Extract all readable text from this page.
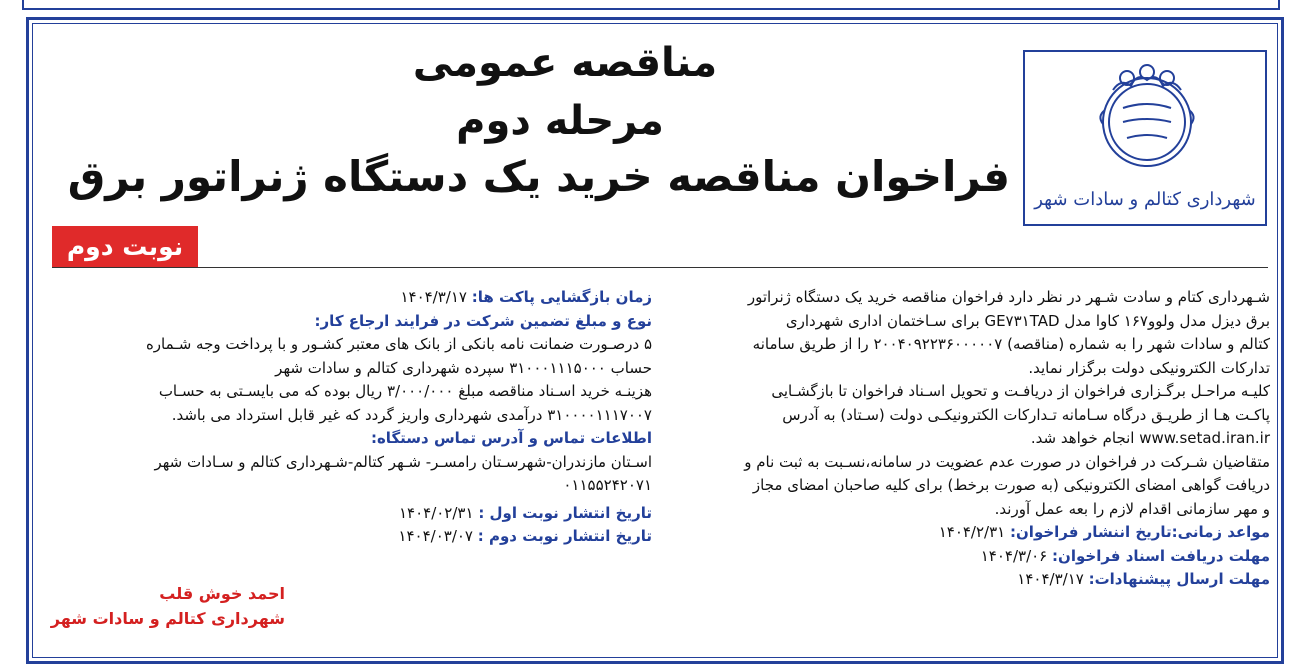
شهرداری کتالم و سادات شهر
مناقصه عمومی
مرحله دوم
فراخوان مناقصه خرید یک دستگاه ژنراتور برق
نوبت دوم

شـهرداری کتام و سادت شـهر در نظر دارد فراخوان مناقصه خرید یک دستگاه ژنراتور

برق دیزل مدل ولوو۱۶۷ کاوا مدل GE۷۳۱TAD برای سـاختمان اداری شهرداری

کتالم و سادات شهر را به شماره (مناقصه) ۲۰۰۴۰۹۲۲۳۶۰۰۰۰۰۷ را از طریق سامانه

تدارکات الکترونیکی دولت برگزار نماید.

کلیـه مراحـل برگـزاری فراخوان از دریافـت و تحویل اسـناد فراخوان تا بازگشـایی

پاکـت هـا از طریـق درگاه سـامانه تـدارکات الکترونیکـی دولت (سـتاد) به آدرس

www.setad.iran.ir انجام خواهد شد.

متقاضیان شـرکت در فراخوان در صورت عدم عضویت در سامانه،نسـبت به ثبت نام و

دریافت گواهی امضای الکترونیکی (به صورت برخط) برای کلیه صاحبان امضای مجاز

و مهر سازمانی اقدام لازم را بعه عمل آورند.

مواعد زمانی:تاریخ اننشار فراخوان: ۱۴۰۴/۲/۳۱

مهلت دریافت اسناد فراخوان: ۱۴۰۴/۳/۰۶

مهلت ارسال پیشنهادات: ۱۴۰۴/۳/۱۷

زمان بازگشایی پاکت ها: ۱۴۰۴/۳/۱۷

نوع و مبلغ تضمین شرکت در فرایند ارجاع کار:

۵ درصـورت ضمانت نامه بانکی از بانک های معتبر کشـور و با پرداخت وجه شـماره

حساب ۳۱۰۰۰۱۱۱۵۰۰۰ سپرده شهرداری کتالم و سادات شهر

هزینـه خرید اسـناد مناقصه مبلغ ۳/۰۰۰/۰۰۰ ریال بوده که می بایسـتی به حسـاب

۳۱۰۰۰۰۱۱۱۷۰۰۷ درآمدی شهرداری واریز گردد که غیر قابل استرداد می باشد.

اطلاعات تماس و آدرس تماس دستگاه:

اسـتان مازندران-شهرسـتان رامسـر- شـهر کتالم-شـهرداری کتالم و سـادات شهر

۰۱۱۵۵۲۴۲۰۷۱

تاریخ انتشار نوبت اول : ۱۴۰۴/۰۲/۳۱

تاریخ انتشار نوبت دوم : ۱۴۰۴/۰۳/۰۷

احمد خوش قلب
شهرداری کتالم و سادات شهر
